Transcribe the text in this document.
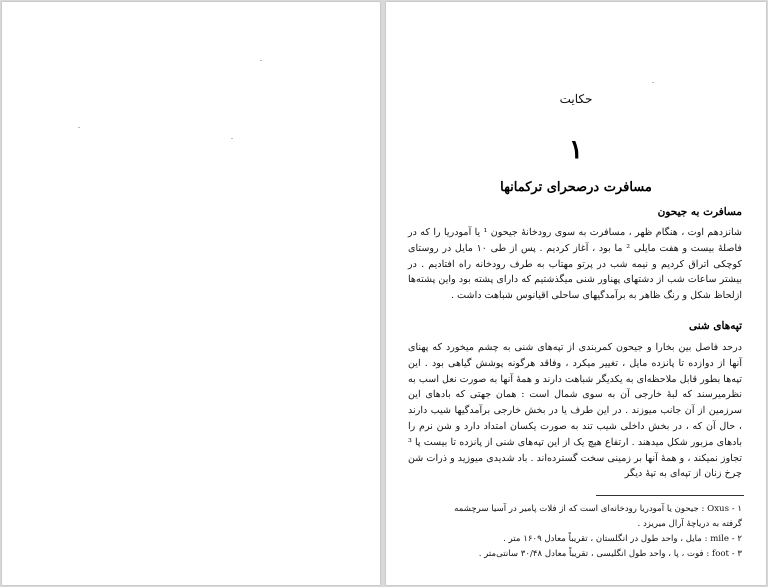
حکایت
۱
مسافرت درصحرای ترکمانها
مسافرت به جیحون
شانزدهم اوت ، هنگام ظهر ، مسافرت به سوی رودخانهٔ جیحون ¹ یا آمودریا را که در فاصلهٔ بیست و هفت مایلی ² ما بود ، آغاز کردیم . پس از طی ۱۰ مایل در روستای کوچکی اتراق کردیم و نیمه شب در پرتو مهتاب به طرف رودخانه راه افتادیم . در بیشتر ساعات شب از دشتهای پهناور شنی میگذشتیم که دارای پشته بود واین پشته‌ها ازلحاظ شکل و رنگ ظاهر به برآمدگیهای ساحلی اقیانوس شباهت داشت .
تپه‌های شنی
درحد فاصل بین بخارا و جیحون کمربندی از تپه‌های شنی به چشم میخورد که پهنای آنها از دوازده تا پانزده مایل ، تغییر میکرد ، وفاقد هرگونه پوشش گیاهی بود . این تپه‌ها بطور قابل ملاحظه‌ای به یکدیگر شباهت دارند و همهٔ آنها به صورت نعل اسب به نظرمیرسند که لبهٔ خارجی آن به سوی شمال است : همان جهتی که بادهای این سرزمین از آن جانب میوزند . در این طرف یا در بخش خارجی برآمدگیها شیب دارند ، حال آن که ، در بخش داخلی شیب تند به صورت یکسان امتداد دارد و شن نرم را بادهای مزبور شکل میدهند . ارتفاع هیچ یک از این تپه‌های شنی از پانزده تا بیست پا ³ تجاوز نمیکند ، و همهٔ آنها بر زمینی سخت گسترده‌اند . باد شدیدی میوزید و ذرات شن چرخ زنان از تپه‌ای به تپهٔ دیگر
۱ - Oxus : جیحون یا آمودریا رودخانه‌ای است که از فلات پامیر در آسیا سرچشمه
گرفته به دریاچهٔ آرال میریزد .
۲ - mile : مایل ، واحد طول در انگلستان ، تقریباً معادل ۱۶۰۹ متر .
۳ - foot : فوت ، پا ، واحد طول انگلیسی ، تقریباً معادل ۳۰/۴۸ سانتی‌متر .
